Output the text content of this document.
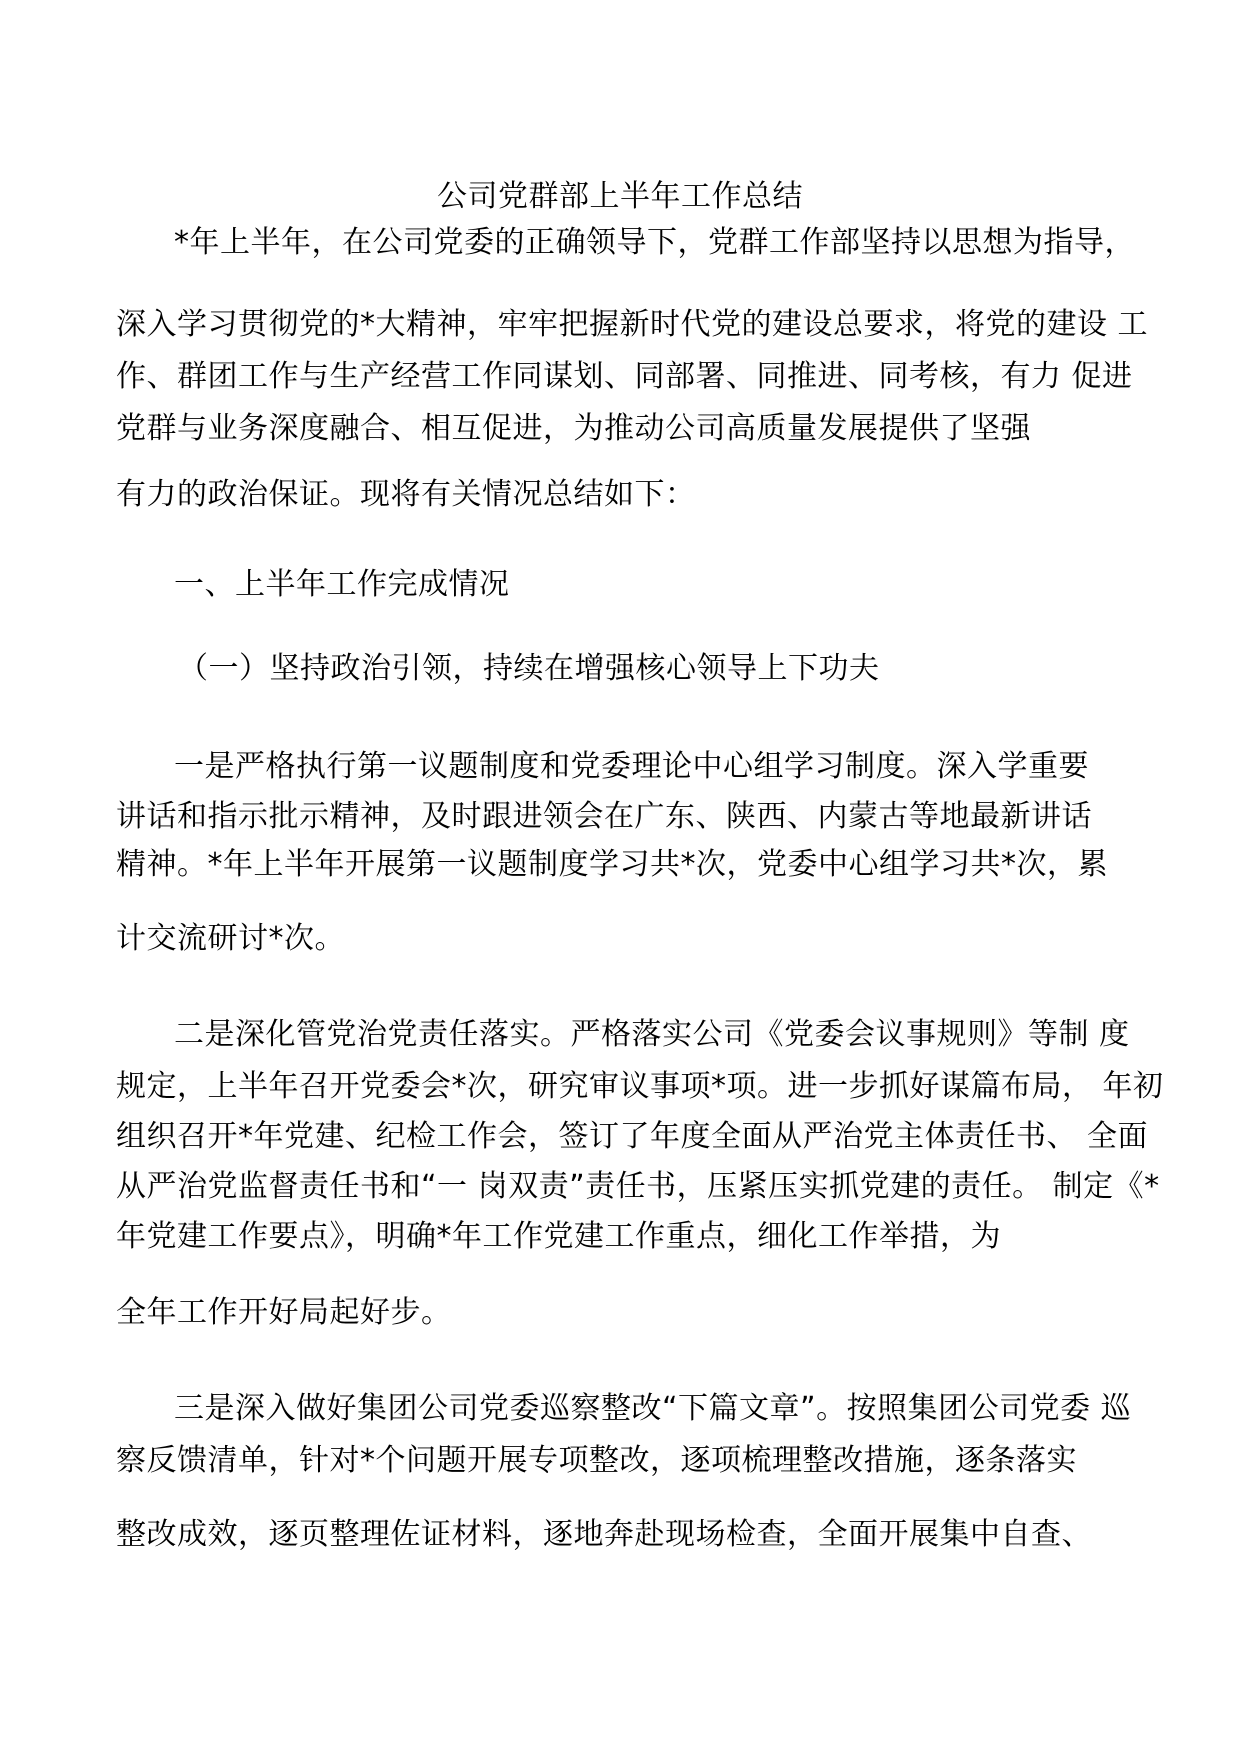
公司党群部上半年工作总结
*年上半年，在公司党委的正确领导下，党群工作部坚持以思想为指导，
深入学习贯彻党的*大精神，牢牢把握新时代党的建设总要求，将党的建设 工
作、群团工作与生产经营工作同谋划、同部署、同推进、同考核，有力 促进
党群与业务深度融合、相互促进，为推动公司高质量发展提供了坚强
有力的政治保证。现将有关情况总结如下：
一、上半年工作完成情况
（一）坚持政治引领，持续在增强核心领导上下功夫
一是严格执行第一议题制度和党委理论中心组学习制度。深入学重要
讲话和指示批示精神，及时跟进领会在广东、陕西、内蒙古等地最新讲话
精神。*年上半年开展第一议题制度学习共*次，党委中心组学习共*次，累
计交流研讨*次。
二是深化管党治党责任落实。严格落实公司《党委会议事规则》等制 度
规定，上半年召开党委会*次，研究审议事项*项。进一步抓好谋篇布局， 年初
组织召开*年党建、纪检工作会，签订了年度全面从严治党主体责任书、 全面
从严治党监督责任书和“一 岗双责”责任书，压紧压实抓党建的责任。 制定《*
年党建工作要点》，明确*年工作党建工作重点，细化工作举措，为
全年工作开好局起好步。
三是深入做好集团公司党委巡察整改“下篇文章”。按照集团公司党委 巡
察反馈清单，针对*个问题开展专项整改，逐项梳理整改措施，逐条落实
整改成效，逐页整理佐证材料，逐地奔赴现场检查，全面开展集中自查、
